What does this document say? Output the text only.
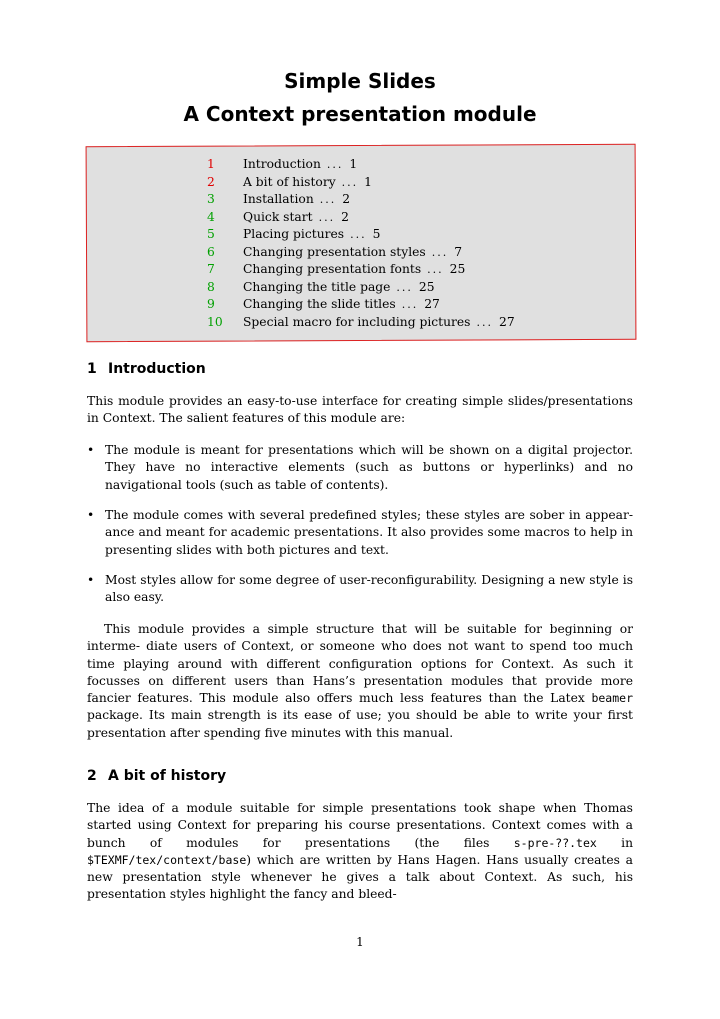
Simple Slides
A Context presentation module
1 Introduction ... 1
2 A bit of history ... 1
3 Installation ... 2
4 Quick start ... 2
5 Placing pictures ... 5
6 Changing presentation styles ... 7
7 Changing presentation fonts ... 25
8 Changing the title page ... 25
9 Changing the slide titles ... 27
10 Special macro for including pictures ... 27
1 Introduction
This module provides an easy-to-use interface for creating simple slides/presentations in Context. The salient features of this module are:
• The module is meant for presentations which will be shown on a digital projector. They have no interactive elements (such as buttons or hyperlinks) and no navigational tools (such as table of contents).
• The module comes with several predefined styles; these styles are sober in appear- ance and meant for academic presentations. It also provides some macros to help in presenting slides with both pictures and text.
• Most styles allow for some degree of user-reconfigurability. Designing a new style is also easy.
This module provides a simple structure that will be suitable for beginning or interme- diate users of Context, or someone who does not want to spend too much time playing around with different configuration options for Context. As such it focusses on different users than Hans’s presentation modules that provide more fancier features. This module also offers much less features than the Latex beamer package. Its main strength is its ease of use; you should be able to write your first presentation after spending five minutes with this manual.
2 A bit of history
The idea of a module suitable for simple presentations took shape when Thomas started using Context for preparing his course presentations. Context comes with a bunch of modules for presentations (the files s-pre-??.tex in $TEXMF/tex/context/base) which are written by Hans Hagen. Hans usually creates a new presentation style whenever he gives a talk about Context. As such, his presentation styles highlight the fancy and bleed-
1
